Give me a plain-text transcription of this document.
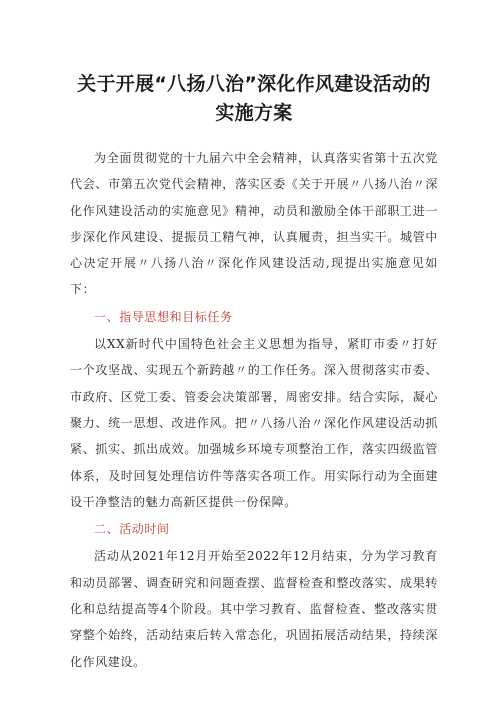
关于开展“八扬八治”深化作风建设活动的
实施方案

为全面贯彻党的十九届六中全会精神，认真落实省第十五次党代会、市第五次党代会精神，落实区委《关于开展〃八扬八治〃深化作风建设活动的实施意见》精神，动员和激励全体干部职工进一步深化作风建设、提振员工精气神，认真履责，担当实干。城管中心决定开展〃八扬八治〃深化作风建设活动,现提出实施意见如下：

一、指导思想和目标任务

以XX新时代中国特色社会主义思想为指导，紧盯市委〃打好一个攻坚战、实现五个新跨越〃的工作任务。深入贯彻落实市委、市政府、区党工委、管委会决策部署，周密安排。结合实际，凝心聚力、统一思想、改进作风。把〃八扬八治〃深化作风建设活动抓紧、抓实、抓出成效。加强城乡环境专项整治工作，落实四级监管体系，及时回复处理信访件等落实各项工作。用实际行动为全面建设干净整洁的魅力高新区提供一份保障。

二、活动时间

活动从2021年12月开始至2022年12月结束，分为学习教育和动员部署、调查研究和问题查摆、监督检查和整改落实、成果转化和总结提高等4个阶段。其中学习教育、监督检查、整改落实贯穿整个始终，活动结束后转入常态化，巩固拓展活动结果，持续深化作风建设。
